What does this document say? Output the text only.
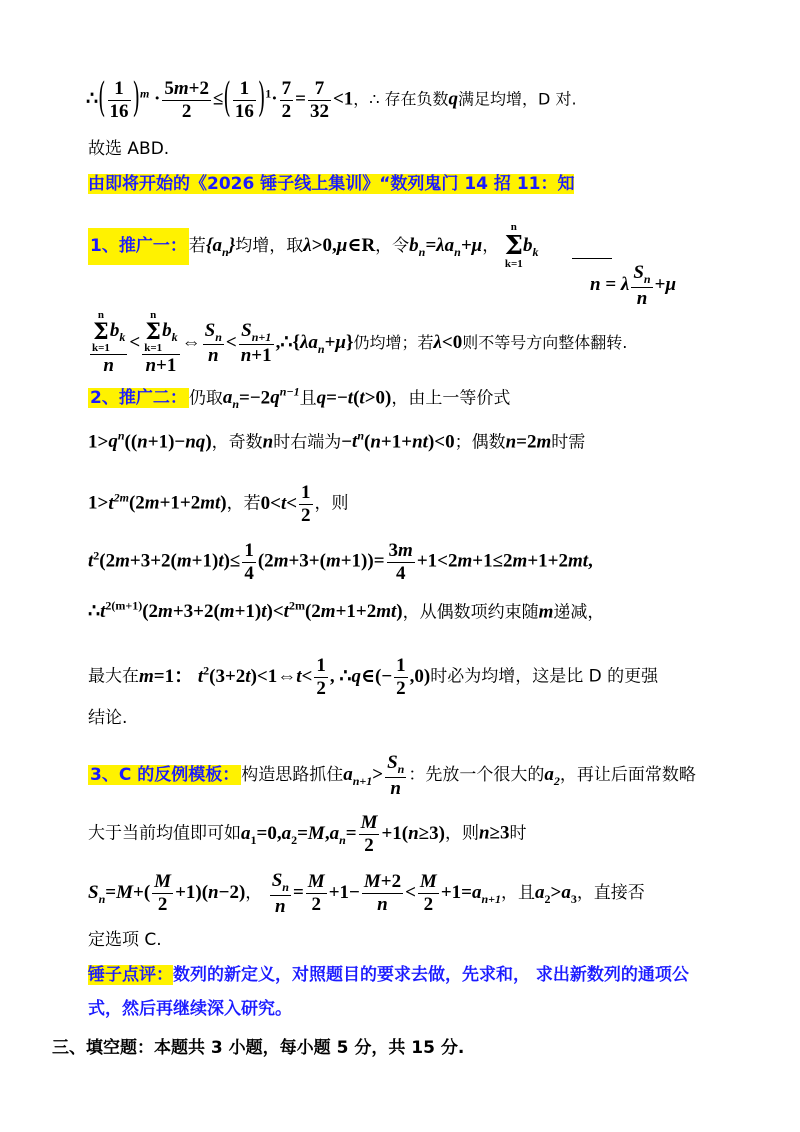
∴( $\frac{1}{16} )^m \cdot \frac{5m+2}{2}$ ≤( $\frac{1}{16} )^1\cdot \frac{7}{2} = \frac{7}{32} <1$，∴ 存在负数q满足均增，D 对.
故选 ABD.
由即将开始的《2026 锤子线上集训》“数列鬼门 14 招 11：知
1、推广一： 若$\{a_n\}$均增，取λ>0,μ∈R，令$b_n=\lambda a_n+\mu$，
n
Σ
k=1
$b_k$
n = λ $\frac{S_n}{n} +\mu$
n
Σ
k=1
$b_k$
n < n
Σ
k=1
$b_k$
n+1 ⇔ $\frac{S_n}{n} < \frac{S_{n+1}}{n+1}$ $,\therefore\{\lambda a_n+\mu\}$仍均增；若λ<0则不等号方向整体翻转.
2、推广二： 仍取$a_n=-2q^{n-1}$且q=−t(t>0)，由上一等价式
$1>q^n((n+1)-nq)$，奇数n时右端为$-t^n(n+1+nt)<0$；偶数n=2m时需
$1>t^{2m}(2m+1+2mt)$，若$0<t< \frac{1}{2}$ ，则
$t^2(2m+3+2(m+1)t)\le \frac{1}{4} (2m+3+(m+1))= \frac{3m}{4} +1<2m+1\le 2m+1+2mt$,
$\therefore t^{2(m+1)}(2m+3+2(m+1)t)<t^{2m}(2m+1+2mt)$，从偶数项约束随m递减，
最大在m=1： $t^2(3+2t)<1\Leftrightarrow t< \frac{1}{2}$ , ∴q∈(− $\frac{1}{2} ,0$)时必为均增，这是比 D 的更强
结论.
3、C 的反例模板： 构造思路抓住$a_{n+1}> \frac{S_n}{n}$ ：先放一个很大的$a_2$，再让后面常数略
大于当前均值即可如$a_1=0,a_2=M,a_n= \frac{M}{2} +1(n\ge 3)$，则n≥3时
$S_n=M+( \frac{M}{2} +1)(n-2)$， $\frac{S_n}{n} = \frac{M}{2} +1- \frac{M+2}{n} < \frac{M}{2} +1=a_{n+1}$，且$a_2>a_3$，直接否
定选项 C.
锤子点评：数列的新定义，对照题目的要求去做，先求和， 求出新数列的通项公
式，然后再继续深入研究。
三、填空题：本题共 3 小题，每小题 5 分，共 15 分.
